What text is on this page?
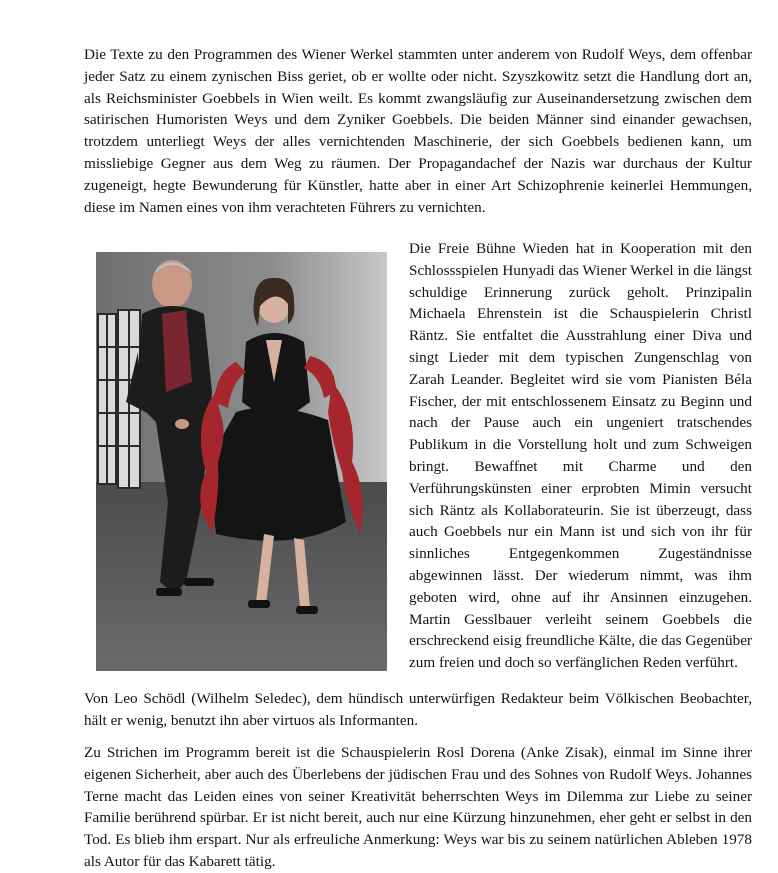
Die Texte zu den Programmen des Wiener Werkel stammten unter anderem von Rudolf Weys, dem offenbar jeder Satz zu einem zynischen Biss geriet, ob er wollte oder nicht. Szyszkowitz setzt die Handlung dort an, als Reichsminister Goebbels in Wien weilt. Es kommt zwangsläufig zur Auseinandersetzung zwischen dem satirischen Humoristen Weys und dem Zyniker Goebbels. Die beiden Männer sind einander gewachsen, trotzdem unterliegt Weys der alles vernichtenden Maschinerie, der sich Goebbels bedienen kann, um missliebige Gegner aus dem Weg zu räumen. Der Propagandachef der Nazis war durchaus der Kultur zugeneigt, hegte Bewunderung für Künstler, hatte aber in einer Art Schizophrenie keinerlei Hemmungen, diese im Namen eines von ihm verachteten Führers zu vernichten.

Die Freie Bühne Wieden hat in Kooperation mit den Schlossspielen Hunyadi das Wiener Werkel in die längst schuldige Erinnerung zurück geholt. Prinzipalin Michaela Ehrenstein ist die Schauspielerin Christl Räntz. Sie entfaltet die Ausstrahlung einer Diva und singt Lieder mit dem typischen Zungenschlag von Zarah Leander. Begleitet wird sie vom Pianisten Béla Fischer, der mit entschlossenem Einsatz zu Beginn und nach der Pause auch ein ungeniert tratschendes Publikum in die Vorstellung holt und zum Schweigen bringt. Bewaffnet mit Charme und den Verführungskünsten einer erprobten Mimin versucht sich Räntz als Kollaborateurin. Sie ist überzeugt, dass auch Goebbels nur ein Mann ist und sich von ihr für sinnliches Entgegenkommen Zugeständnisse abgewinnen lässt. Der wiederum nimmt, was ihm geboten wird, ohne auf ihr Ansinnen einzugehen. Martin Gesslbauer verleiht seinem Goebbels die erschreckend eisig freundliche Kälte, die das Gegenüber zum freien und doch so verfänglichen Reden verführt.

Von Leo Schödl (Wilhelm Seledec), dem hündisch unterwürfigen Redakteur beim Völkischen Beobachter, hält er wenig, benutzt ihn aber virtuos als Informanten.

Zu Strichen im Programm bereit ist die Schauspielerin Rosl Dorena (Anke Zisak), einmal im Sinne ihrer eigenen Sicherheit, aber auch des Überlebens der jüdischen Frau und des Sohnes von Rudolf Weys. Johannes Terne macht das Leiden eines von seiner Kreativität beherrschten Weys im Dilemma zur Liebe zu seiner Familie berührend spürbar. Er ist nicht bereit, auch nur eine Kürzung hinzunehmen, eher geht er selbst in den Tod. Es blieb ihm erspart. Nur als erfreuliche Anmerkung: Weys war bis zu seinem natürlichen Ableben 1978 als Autor für das Kabarett tätig.
